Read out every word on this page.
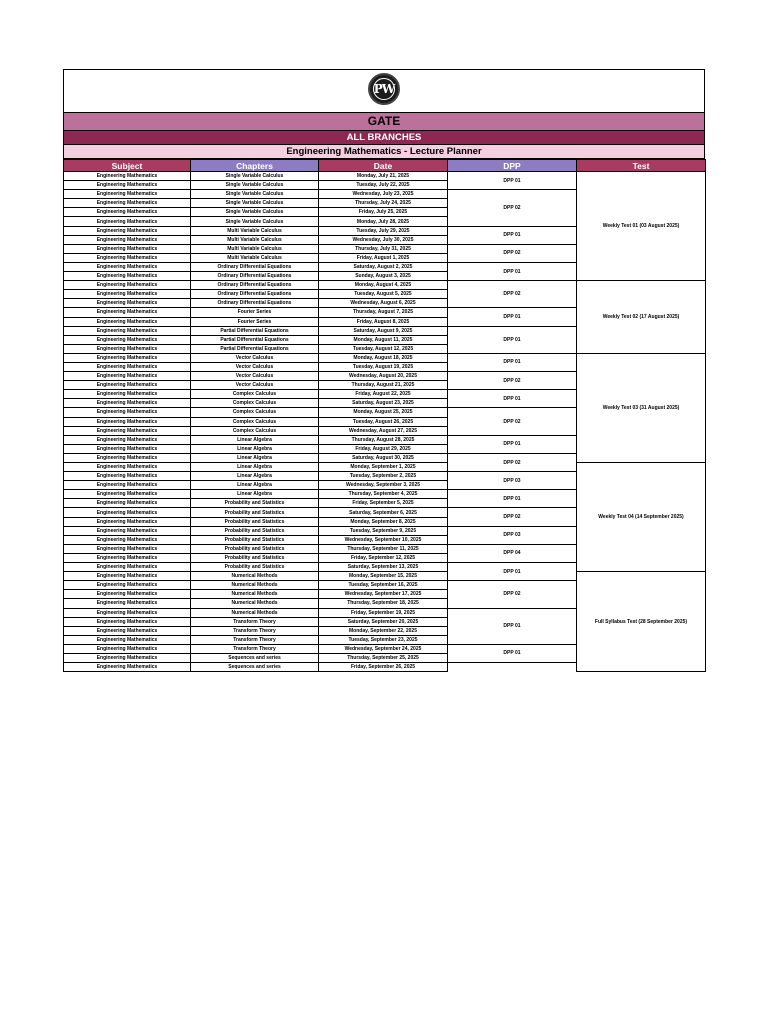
PW
GATE
ALL BRANCHES
Engineering Mathematics - Lecture Planner
Subject	Chapters	Date	DPP	Test
Engineering Mathematics	Single Variable Calculus	Monday, July 21, 2025	DPP 01	Weekly Test 01 (03 August 2025)
Engineering Mathematics	Single Variable Calculus	Tuesday, July 22, 2025		
Engineering Mathematics	Single Variable Calculus	Wednesday, July 23, 2025	DPP 02	
Engineering Mathematics	Single Variable Calculus	Thursday, July 24, 2025		
Engineering Mathematics	Single Variable Calculus	Friday, July 25, 2025		
Engineering Mathematics	Single Variable Calculus	Monday, July 28, 2025		
Engineering Mathematics	Multi Variable Calculus	Tuesday, July 29, 2025	DPP 01	
Engineering Mathematics	Multi Variable Calculus	Wednesday, July 30, 2025		
Engineering Mathematics	Multi Variable Calculus	Thursday, July 31, 2025	DPP 02	
Engineering Mathematics	Multi Variable Calculus	Friday, August 1, 2025		
Engineering Mathematics	Ordinary Differential Equations	Saturday, August 2, 2025	DPP 01	
Engineering Mathematics	Ordinary Differential Equations	Sunday, August 3, 2025		
Engineering Mathematics	Ordinary Differential Equations	Monday, August 4, 2025	DPP 02	Weekly Test 02 (17 August 2025)
Engineering Mathematics	Ordinary Differential Equations	Tuesday, August 5, 2025		
Engineering Mathematics	Ordinary Differential Equations	Wednesday, August 6, 2025		
Engineering Mathematics	Fourier Series	Thursday, August 7, 2025	DPP 01	
Engineering Mathematics	Fourier Series	Friday, August 8, 2025		
Engineering Mathematics	Partial Differential Equations	Saturday, August 9, 2025	DPP 01	
Engineering Mathematics	Partial Differential Equations	Monday, August 11, 2025		
Engineering Mathematics	Partial Differential Equations	Tuesday, August 12, 2025		
Engineering Mathematics	Vector Calculus	Monday, August 18, 2025	DPP 01	Weekly Test 03 (31 August 2025)
Engineering Mathematics	Vector Calculus	Tuesday, August 19, 2025		
Engineering Mathematics	Vector Calculus	Wednesday, August 20, 2025	DPP 02	
Engineering Mathematics	Vector Calculus	Thursday, August 21, 2025		
Engineering Mathematics	Complex Calculus	Friday, August 22, 2025	DPP 01	
Engineering Mathematics	Complex Calculus	Saturday, August 23, 2025		
Engineering Mathematics	Complex Calculus	Monday, August 25, 2025	DPP 02	
Engineering Mathematics	Complex Calculus	Tuesday, August 26, 2025		
Engineering Mathematics	Complex Calculus	Wednesday, August 27, 2025		
Engineering Mathematics	Linear Algebra	Thursday, August 28, 2025	DPP 01	
Engineering Mathematics	Linear Algebra	Friday, August 29, 2025		
Engineering Mathematics	Linear Algebra	Saturday, August 30, 2025	DPP 02	
Engineering Mathematics	Linear Algebra	Monday, September 1, 2025		Weekly Test 04 (14 September 2025)
Engineering Mathematics	Linear Algebra	Tuesday, September 2, 2025	DPP 03	
Engineering Mathematics	Linear Algebra	Wednesday, September 3, 2025		
Engineering Mathematics	Linear Algebra	Thursday, September 4, 2025	DPP 01	
Engineering Mathematics	Probability and Statistics	Friday, September 5, 2025		
Engineering Mathematics	Probability and Statistics	Saturday, September 6, 2025	DPP 02	
Engineering Mathematics	Probability and Statistics	Monday, September 8, 2025		
Engineering Mathematics	Probability and Statistics	Tuesday, September 9, 2025	DPP 03	
Engineering Mathematics	Probability and Statistics	Wednesday, September 10, 2025		
Engineering Mathematics	Probability and Statistics	Thursday, September 11, 2025	DPP 04	
Engineering Mathematics	Probability and Statistics	Friday, September 12, 2025		
Engineering Mathematics	Probability and Statistics	Saturday, September 13, 2025	DPP 01	
Engineering Mathematics	Numerical Methods	Monday, September 15, 2025		Full Syllabus Test (28 September 2025)
Engineering Mathematics	Numerical Methods	Tuesday, September 16, 2025	DPP 02	
Engineering Mathematics	Numerical Methods	Wednesday, September 17, 2025		
Engineering Mathematics	Numerical Methods	Thursday, September 18, 2025		
Engineering Mathematics	Numerical Methods	Friday, September 19, 2025	DPP 01	
Engineering Mathematics	Transform Theory	Saturday, September 20, 2025		
Engineering Mathematics	Transform Theory	Monday, September 22, 2025		
Engineering Mathematics	Transform Theory	Tuesday, September 23, 2025		
Engineering Mathematics	Transform Theory	Wednesday, September 24, 2025	DPP 01	
Engineering Mathematics	Sequences and series	Thursday, September 25, 2025		
Engineering Mathematics	Sequences and series	Friday, September 26, 2025		
